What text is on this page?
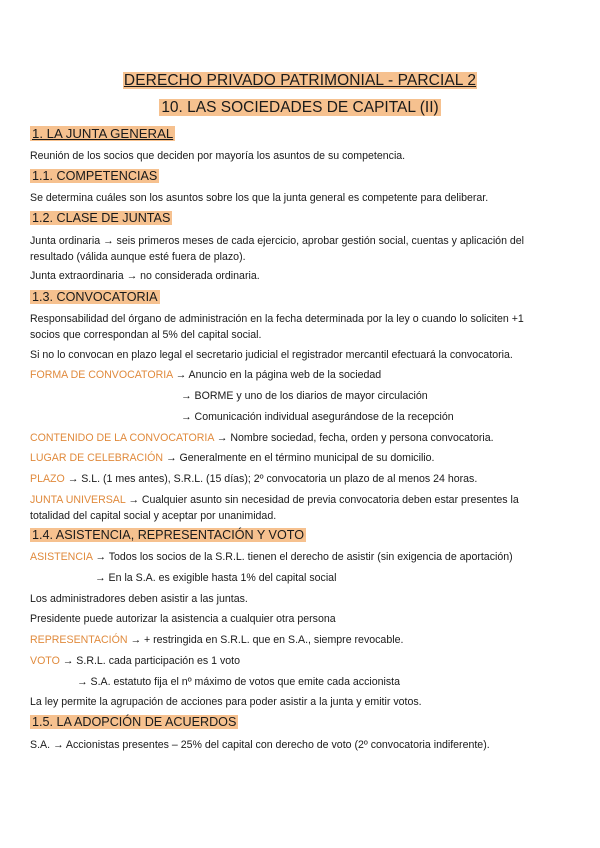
DERECHO PRIVADO PATRIMONIAL - PARCIAL 2
10. LAS SOCIEDADES DE CAPITAL (II)
1. LA JUNTA GENERAL
Reunión de los socios que deciden por mayoría los asuntos de su competencia.
1.1. COMPETENCIAS
Se determina cuáles son los asuntos sobre los que la junta general es competente para deliberar.
1.2. CLASE DE JUNTAS
Junta ordinaria → seis primeros meses de cada ejercicio, aprobar gestión social, cuentas y aplicación del resultado (válida aunque esté fuera de plazo).
Junta extraordinaria → no considerada ordinaria.
1.3. CONVOCATORIA
Responsabilidad del órgano de administración en la fecha determinada por la ley o cuando lo soliciten +1 socios que correspondan al 5% del capital social.
Si no lo convocan en plazo legal el secretario judicial el registrador mercantil efectuará la convocatoria.
FORMA DE CONVOCATORIA → Anuncio en la página web de la sociedad
→ BORME y uno de los diarios de mayor circulación
→ Comunicación individual asegurándose de la recepción
CONTENIDO DE LA CONVOCATORIA → Nombre sociedad, fecha, orden y persona convocatoria.
LUGAR DE CELEBRACIÓN → Generalmente en el término municipal de su domicilio.
PLAZO → S.L. (1 mes antes), S.R.L. (15 días); 2º convocatoria un plazo de al menos 24 horas.
JUNTA UNIVERSAL → Cualquier asunto sin necesidad de previa convocatoria deben estar presentes la totalidad del capital social y aceptar por unanimidad.
1.4. ASISTENCIA, REPRESENTACIÓN Y VOTO
ASISTENCIA → Todos los socios de la S.R.L. tienen el derecho de asistir (sin exigencia de aportación)
→ En la S.A. es exigible hasta 1% del capital social
Los administradores deben asistir a las juntas.
Presidente puede autorizar la asistencia a cualquier otra persona
REPRESENTACIÓN → + restringida en S.R.L. que en S.A., siempre revocable.
VOTO → S.R.L. cada participación es 1 voto
→ S.A. estatuto fija el nº máximo de votos que emite cada accionista
La ley permite la agrupación de acciones para poder asistir a la junta y emitir votos.
1.5. LA ADOPCIÓN DE ACUERDOS
S.A. → Accionistas presentes – 25% del capital con derecho de voto (2º convocatoria indiferente).
